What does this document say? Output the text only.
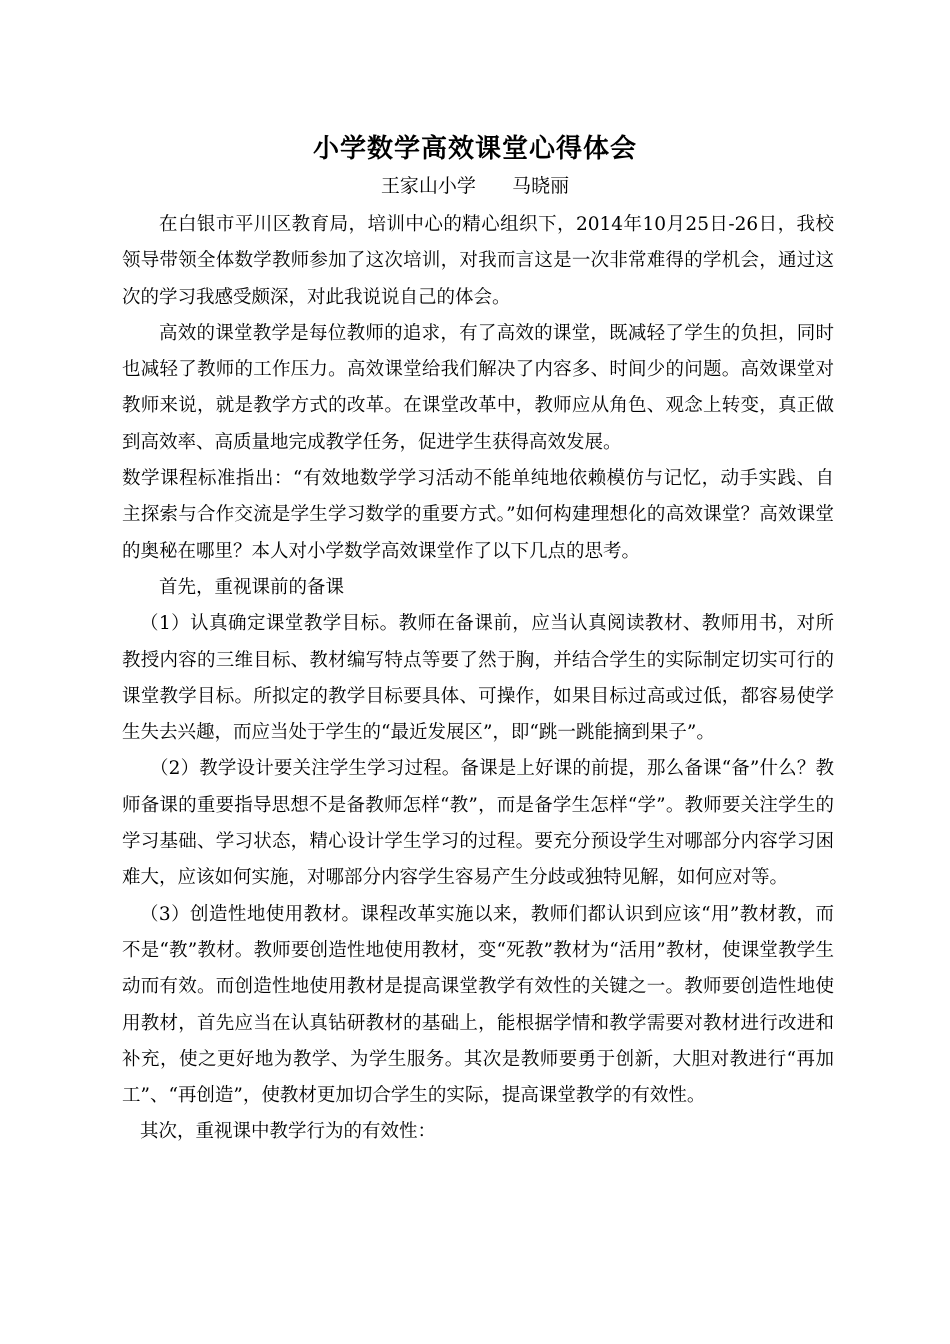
小学数学高效课堂心得体会
王家山小学      马晓丽

在白银市平川区教育局，培训中心的精心组织下，2014年10月25日-26日，我校领导带领全体数学教师参加了这次培训，对我而言这是一次非常难得的学机会，通过这次的学习我感受颇深，对此我说说自己的体会。

高效的课堂教学是每位教师的追求，有了高效的课堂，既减轻了学生的负担，同时也减轻了教师的工作压力。高效课堂给我们解决了内容多、时间少的问题。高效课堂对教师来说，就是教学方式的改革。在课堂改革中，教师应从角色、观念上转变，真正做到高效率、高质量地完成教学任务，促进学生获得高效发展。

数学课程标准指出：“有效地数学学习活动不能单纯地依赖模仿与记忆，动手实践、自主探索与合作交流是学生学习数学的重要方式。”如何构建理想化的高效课堂？高效课堂的奥秘在哪里？本人对小学数学高效课堂作了以下几点的思考。

首先，重视课前的备课

（1）认真确定课堂教学目标。教师在备课前，应当认真阅读教材、教师用书，对所教授内容的三维目标、教材编写特点等要了然于胸，并结合学生的实际制定切实可行的课堂教学目标。所拟定的教学目标要具体、可操作，如果目标过高或过低，都容易使学生失去兴趣，而应当处于学生的“最近发展区”，即“跳一跳能摘到果子”。

（2）教学设计要关注学生学习过程。备课是上好课的前提，那么备课“备”什么？教师备课的重要指导思想不是备教师怎样“教”，而是备学生怎样“学”。教师要关注学生的学习基础、学习状态，精心设计学生学习的过程。要充分预设学生对哪部分内容学习困难大，应该如何实施，对哪部分内容学生容易产生分歧或独特见解，如何应对等。

（3）创造性地使用教材。课程改革实施以来，教师们都认识到应该“用”教材教，而不是“教”教材。教师要创造性地使用教材，变“死教”教材为“活用”教材，使课堂教学生动而有效。而创造性地使用教材是提高课堂教学有效性的关键之一。教师要创造性地使用教材，首先应当在认真钻研教材的基础上，能根据学情和教学需要对教材进行改进和补充，使之更好地为教学、为学生服务。其次是教师要勇于创新，大胆对教进行“再加工”、“再创造”，使教材更加切合学生的实际，提高课堂教学的有效性。

其次，重视课中教学行为的有效性：
